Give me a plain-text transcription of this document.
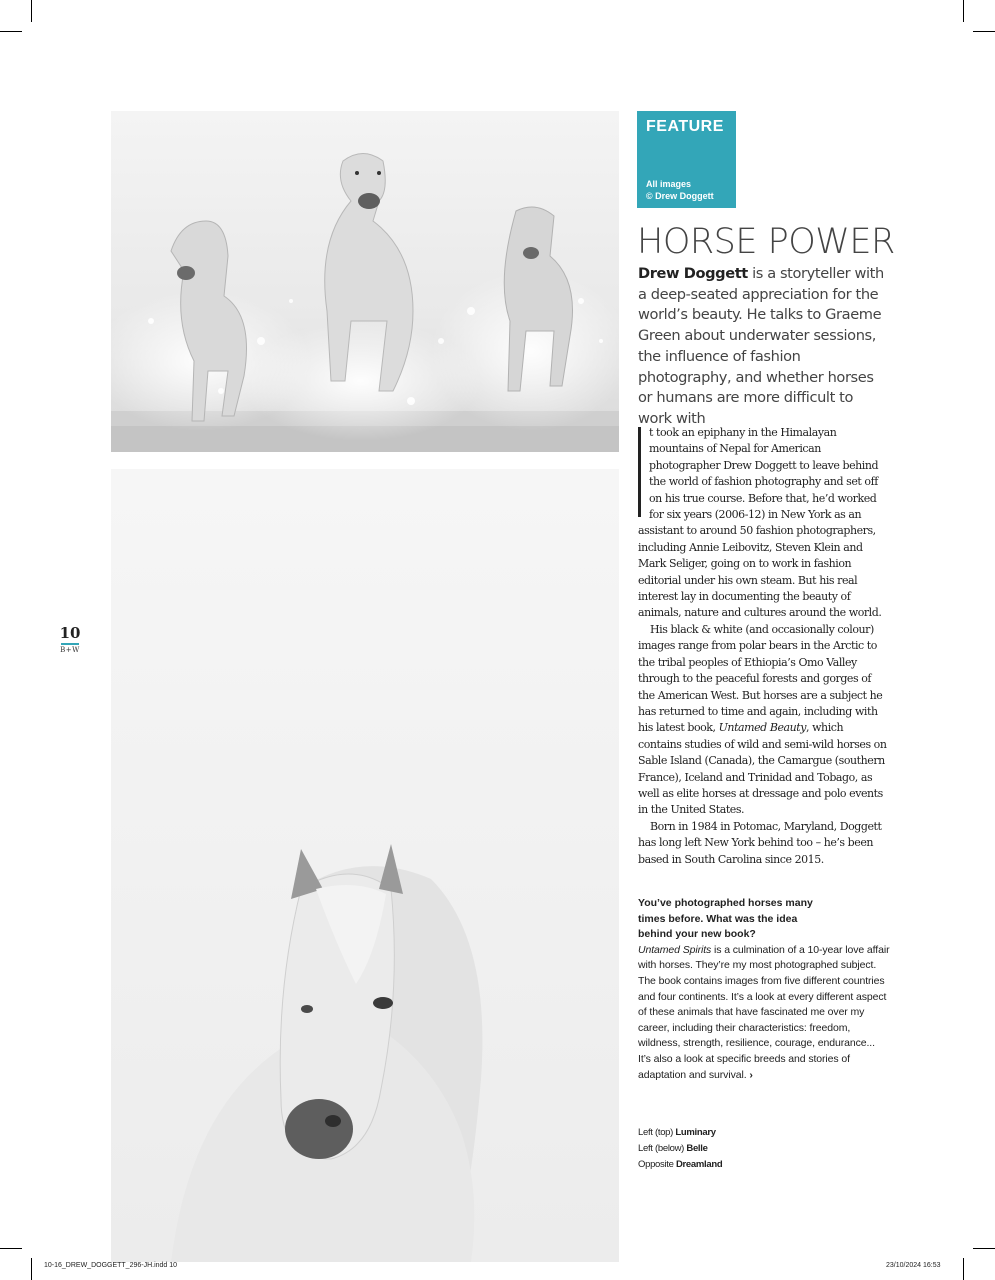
10
B+W
FEATURE
All images
© Drew Doggett
HORSE POWER

Drew Doggett is a storyteller with a deep-seated appreciation for the world’s beauty. He talks to Graeme Green about underwater sessions, the influence of fashion photography, and whether horses or humans are more difficult to work with

t took an epiphany in the Himalayan mountains of Nepal for American photographer Drew Doggett to leave behind the world of fashion photography and set off on his true course. Before that, he’d worked for six years (2006-12) in New York as an assistant to around 50 fashion photographers, including Annie Leibovitz, Steven Klein and Mark Seliger, going on to work in fashion editorial under his own steam. But his real interest lay in documenting the beauty of animals, nature and cultures around the world.

His black & white (and occasionally colour) images range from polar bears in the Arctic to the tribal peoples of Ethiopia’s Omo Valley through to the peaceful forests and gorges of the American West. But horses are a subject he has returned to time and again, including with his latest book, Untamed Beauty, which contains studies of wild and semi-wild horses on Sable Island (Canada), the Camargue (southern France), Iceland and Trinidad and Tobago, as well as elite horses at dressage and polo events in the United States.

Born in 1984 in Potomac, Maryland, Doggett has long left New York behind too – he’s been based in South Carolina since 2015.

You’ve photographed horses many times before. What was the idea behind your new book?

Untamed Spirits is a culmination of a 10-year love affair with horses. They’re my most photographed subject. The book contains images from five different countries and four continents. It’s a look at every different aspect of these animals that have fascinated me over my career, including their characteristics: freedom, wildness, strength, resilience, courage, endurance... It’s also a look at specific breeds and stories of adaptation and survival. ›

Left (top) Luminary
Left (below) Belle
Opposite Dreamland
10-16_DREW_DOGGETT_296-JH.indd 10	23/10/2024 16:53
